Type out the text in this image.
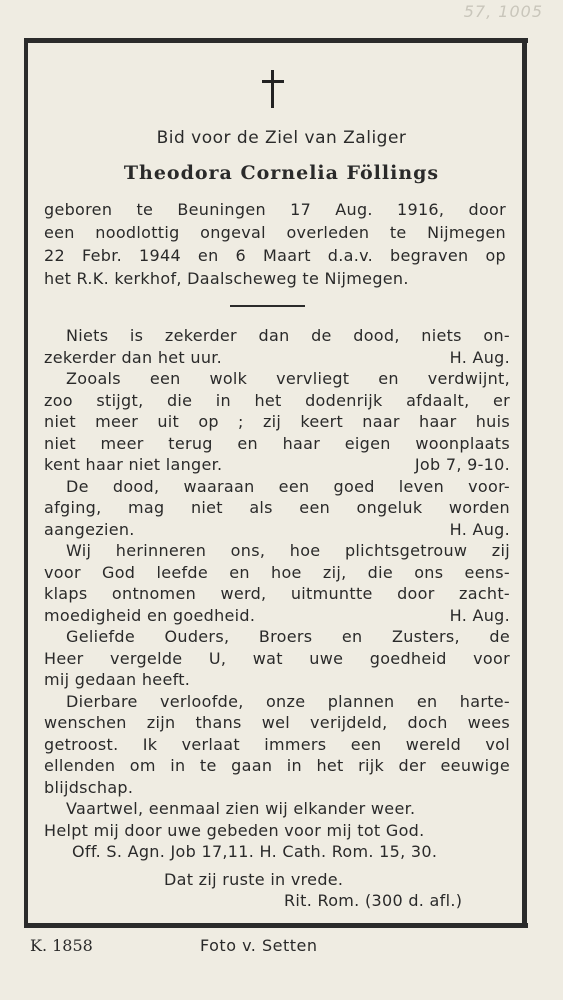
57, 1005
Bid voor de Ziel van Zaliger
Theodora Cornelia Föllings
geboren te Beuningen 17 Aug. 1916, door
een noodlottig ongeval overleden te Nijmegen
22 Febr. 1944 en 6 Maart d.a.v. begraven op
het R.K. kerkhof, Daalscheweg te Nijmegen.
Niets is zekerder dan de dood, niets on-
zekerder dan het uur.	H. Aug.
Zooals een wolk vervliegt en verdwijnt,
zoo stijgt, die in het dodenrijk afdaalt, er
niet meer uit op ; zij keert naar haar huis
niet meer terug en haar eigen woonplaats
kent haar niet langer.	Job 7, 9-10.
De dood, waaraan een goed leven voor-
afging, mag niet als een ongeluk worden
aangezien.	H. Aug.
Wij herinneren ons, hoe plichtsgetrouw zij
voor God leefde en hoe zij, die ons eens-
klaps ontnomen werd, uitmuntte door zacht-
moedigheid en goedheid.	H. Aug.
Geliefde Ouders, Broers en Zusters, de
Heer vergelde U, wat uwe goedheid voor
mij gedaan heeft.
Dierbare verloofde, onze plannen en harte-
wenschen zijn thans wel verijdeld, doch wees
getroost. Ik verlaat immers een wereld vol
ellenden om in te gaan in het rijk der eeuwige
blijdschap.
Vaartwel, eenmaal zien wij elkander weer.
Helpt mij door uwe gebeden voor mij tot God.
Off. S. Agn. Job 17,11. H. Cath. Rom. 15, 30.
Dat zij ruste in vrede.
Rit. Rom. (300 d. afl.)
K. 1858	Foto v. Setten
